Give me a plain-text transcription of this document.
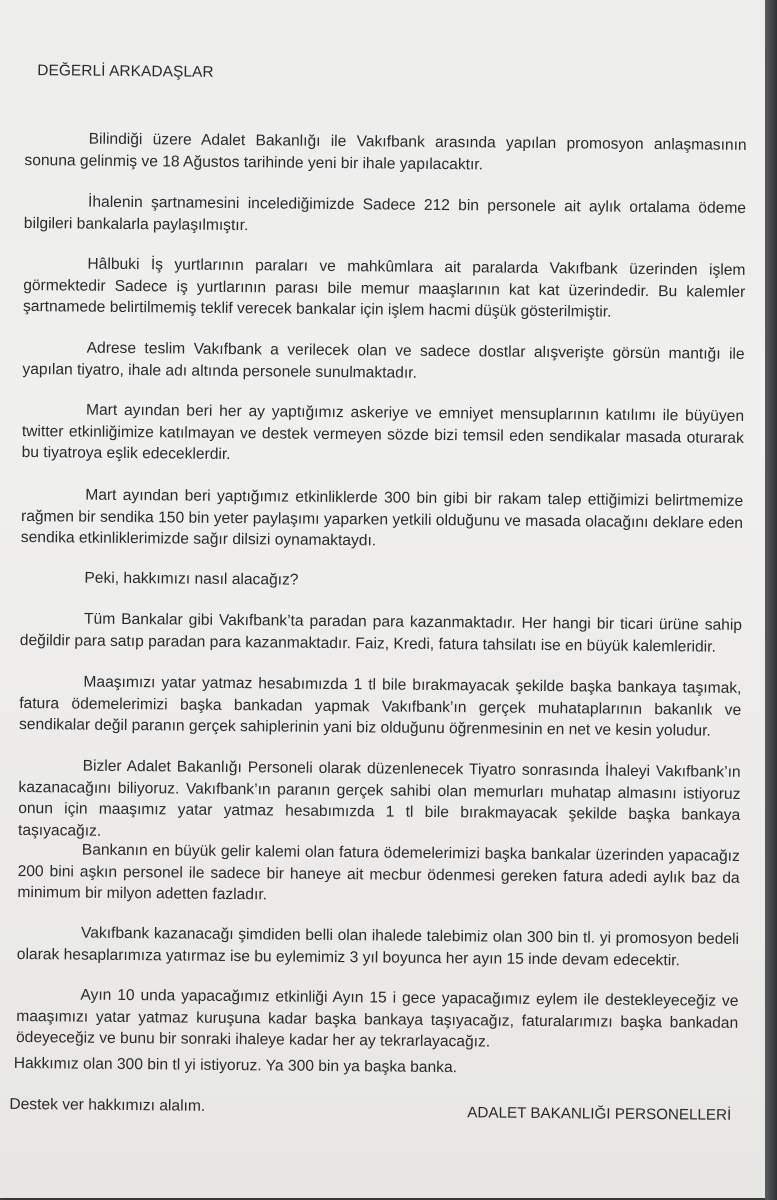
DEĞERLİ ARKADAŞLAR

Bilindiği üzere Adalet Bakanlığı ile Vakıfbank arasında yapılan promosyon anlaşmasının sonuna gelinmiş ve 18 Ağustos tarihinde yeni bir ihale yapılacaktır.

İhalenin şartnamesini incelediğimizde Sadece 212 bin personele ait aylık ortalama ödeme bilgileri bankalarla paylaşılmıştır.

Hâlbuki İş yurtlarının paraları ve mahkûmlara ait paralarda Vakıfbank üzerinden işlem görmektedir Sadece iş yurtlarının parası bile memur maaşlarının kat kat üzerindedir. Bu kalemler şartnamede belirtilmemiş teklif verecek bankalar için işlem hacmi düşük gösterilmiştir.

Adrese teslim Vakıfbank a verilecek olan ve sadece dostlar alışverişte görsün mantığı ile yapılan tiyatro, ihale adı altında personele sunulmaktadır.

Mart ayından beri her ay yaptığımız askeriye ve emniyet mensuplarının katılımı ile büyüyen twitter etkinliğimize katılmayan ve destek vermeyen sözde bizi temsil eden sendikalar masada oturarak bu tiyatroya eşlik edeceklerdir.

Mart ayından beri yaptığımız etkinliklerde 300 bin gibi bir rakam talep ettiğimizi belirtmemize rağmen bir sendika 150 bin yeter paylaşımı yaparken yetkili olduğunu ve masada olacağını deklare eden sendika etkinliklerimizde sağır dilsizi oynamaktaydı.

Peki, hakkımızı nasıl alacağız?

Tüm Bankalar gibi Vakıfbank’ta paradan para kazanmaktadır. Her hangi bir ticari ürüne sahip değildir para satıp paradan para kazanmaktadır. Faiz, Kredi, fatura tahsilatı ise en büyük kalemleridir.

Maaşımızı yatar yatmaz hesabımızda 1 tl bile bırakmayacak şekilde başka bankaya taşımak, fatura ödemelerimizi başka bankadan yapmak Vakıfbank’ın gerçek muhataplarının bakanlık ve sendikalar değil paranın gerçek sahiplerinin yani biz olduğunu öğrenmesinin en net ve kesin yoludur.

Bizler Adalet Bakanlığı Personeli olarak düzenlenecek Tiyatro sonrasında İhaleyi Vakıfbank’ın kazanacağını biliyoruz. Vakıfbank’ın paranın gerçek sahibi olan memurları muhatap almasını istiyoruz onun için maaşımız yatar yatmaz hesabımızda 1 tl bile bırakmayacak şekilde başka bankaya taşıyacağız.

Bankanın en büyük gelir kalemi olan fatura ödemelerimizi başka bankalar üzerinden yapacağız 200 bini aşkın personel ile sadece bir haneye ait mecbur ödenmesi gereken fatura adedi aylık baz da minimum bir milyon adetten fazladır.

Vakıfbank kazanacağı şimdiden belli olan ihalede talebimiz olan 300 bin tl. yi promosyon bedeli olarak hesaplarımıza yatırmaz ise bu eylemimiz 3 yıl boyunca her ayın 15 inde devam edecektir.

Ayın 10 unda yapacağımız etkinliği Ayın 15 i gece yapacağımız eylem ile destekleyeceğiz ve maaşımızı yatar yatmaz kuruşuna kadar başka bankaya taşıyacağız, faturalarımızı başka bankadan ödeyeceğiz ve bunu bir sonraki ihaleye kadar her ay tekrarlayacağız.

Hakkımız olan 300 bin tl yi istiyoruz. Ya 300 bin ya başka banka.

Destek ver hakkımızı alalım.	ADALET BAKANLIĞI PERSONELLERİ
